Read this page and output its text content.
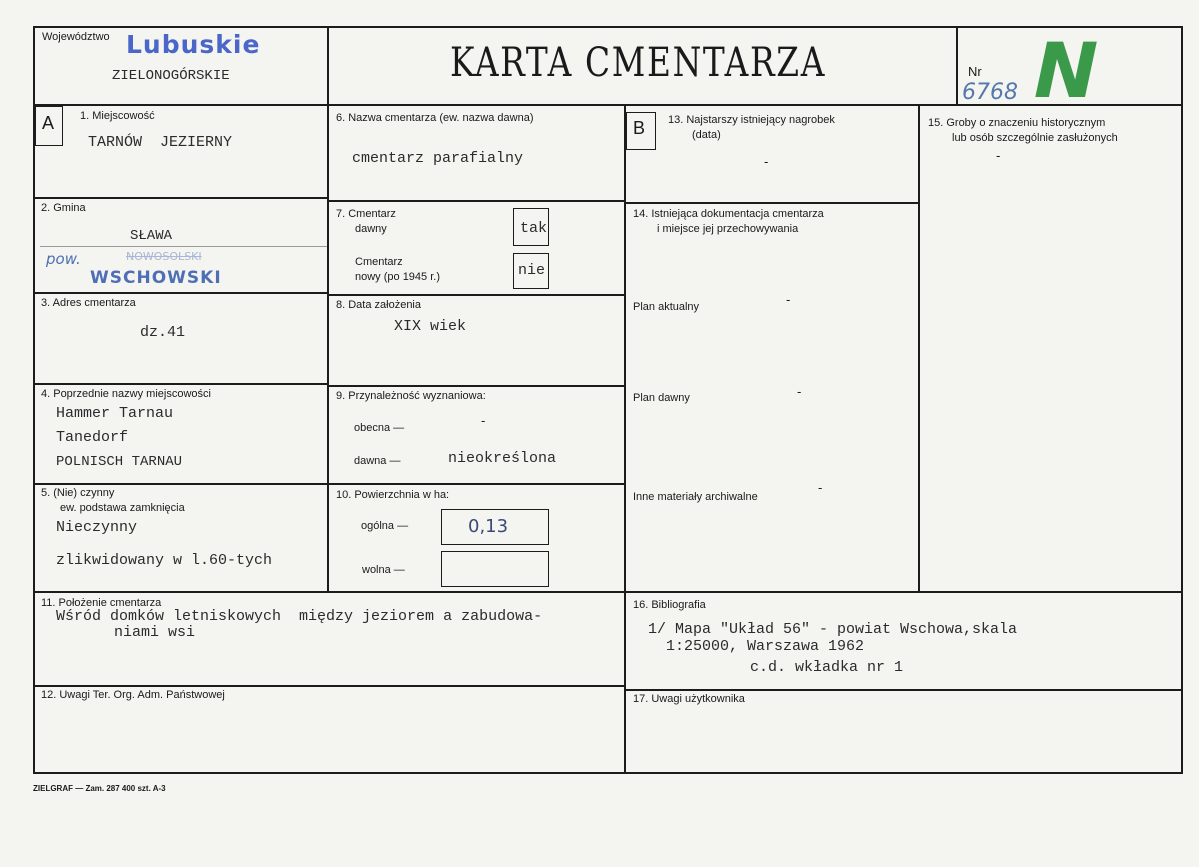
Województwo Lubuskie
ZIELONOGÓRSKIE	KARTA CMENTARZA	Nr
6768 N
A	B
1. Miejscowość
TARNÓW  JEZIERNY
2. Gmina
SŁAWA
pow.	NOWOSOLSKI
WSCHOWSKI
3. Adres cmentarza
dz.41
4. Poprzednie nazwy miejscowości
Hammer Tarnau
Tanedorf
POLNISCH TARNAU
5. (Nie) czynny
ew. podstawa zamknięcia
Nieczynny
zlikwidowany w l.60-tych
6. Nazwa cmentarza (ew. nazwa dawna)
cmentarz parafialny
7. Cmentarz
dawny	tak
Cmentarz
nowy (po 1945 r.)	nie
8. Data założenia
XIX wiek
9. Przynależność wyznaniowa:
obecna —	-
dawna —	nieokreślona
10. Powierzchnia w ha:
ogólna —	0,13
wolna —
13. Najstarszy istniejący nagrobek
(data)
-
14. Istniejąca dokumentacja cmentarza
i miejsce jej przechowywania
Plan aktualny	-
Plan dawny	-
Inne materiały archiwalne
-
15. Groby o znaczeniu historycznym
lub osób szczególnie zasłużonych
-
11. Położenie cmentarza
Wśród domków letniskowych  między jeziorem a zabudowa-
niami wsi
12. Uwagi Ter. Org. Adm. Państwowej
16. Bibliografia
1/ Mapa "Układ 56" - powiat Wschowa,skala
1:25000, Warszawa 1962
c.d. wkładka nr 1
17. Uwagi użytkownika
ZIELGRAF — Zam. 287 400 szt. A-3
